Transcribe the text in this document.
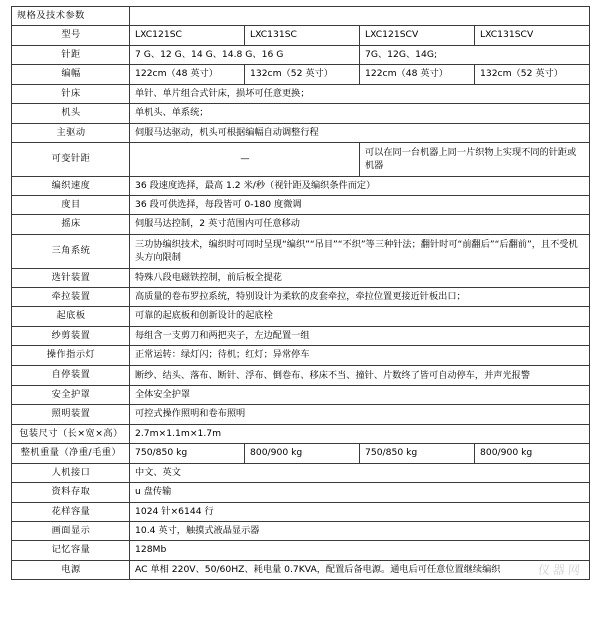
规格及技术参数				
型号	LXC121SC	LXC131SC	LXC121SCV	LXC131SCV
针距	7 G、12 G、14 G、14.8 G、16 G		7G、12G、14G;	
编幅	122cm（48 英寸）	132cm（52 英寸）	122cm（48 英寸）	132cm（52 英寸）
针床	单针、单片组合式针床，损坏可任意更换；			
机头	单机头、单系统；			
主驱动	伺服马达驱动，机头可根据编幅自动调整行程			
可变针距	—		可以在同一台机器上同一片织物上实现不同的针距或机器	
编织速度	36 段速度选择，最高 1.2 米/秒（视针距及编织条件而定）			
度目	36 段可供选择，每段皆可 0-180 度微调			
摇床	伺服马达控制，2 英寸范围内可任意移动			
三角系统	三功协编织技术，编织时可同时呈现“编织”“吊目”“不织”等三种针法；翻针时可“前翻后”“后翻前”，且不受机头方向限制			
选针装置	特殊八段电磁铁控制，前后板全提花			
牵拉装置	高质量的卷布罗拉系统，特别设计为柔软的皮套牵拉，牵拉位置更接近针板出口；			
起底板	可靠的起底板和创新设计的起底栓			
纱剪装置	每组含一支剪刀和两把夹子，左边配置一组			
操作指示灯	正常运转：绿灯闪；待机；红灯；异常停车			
自停装置	断纱、结头、落布、断针、浮布、倒卷布、移床不当、撞针、片数终了皆可自动停车，并声光报警			
安全护罩	全体安全护罩			
照明装置	可控式操作照明和卷布照明			
包装尺寸（长×宽×高）	2.7m×1.1m×1.7m			
整机重量（净重/毛重）	750/850 kg	800/900 kg	750/850 kg	800/900 kg
人机接口	中文、英文			
资料存取	u 盘传输			
花样容量	1024 针×6144 行			
画面显示	10.4 英寸，触摸式液晶显示器			
记忆容量	128Mb			
电源	AC 单相 220V、50/60HZ、耗电量 0.7KVA，配置后备电源。通电后可任意位置继续编织				仪器网
